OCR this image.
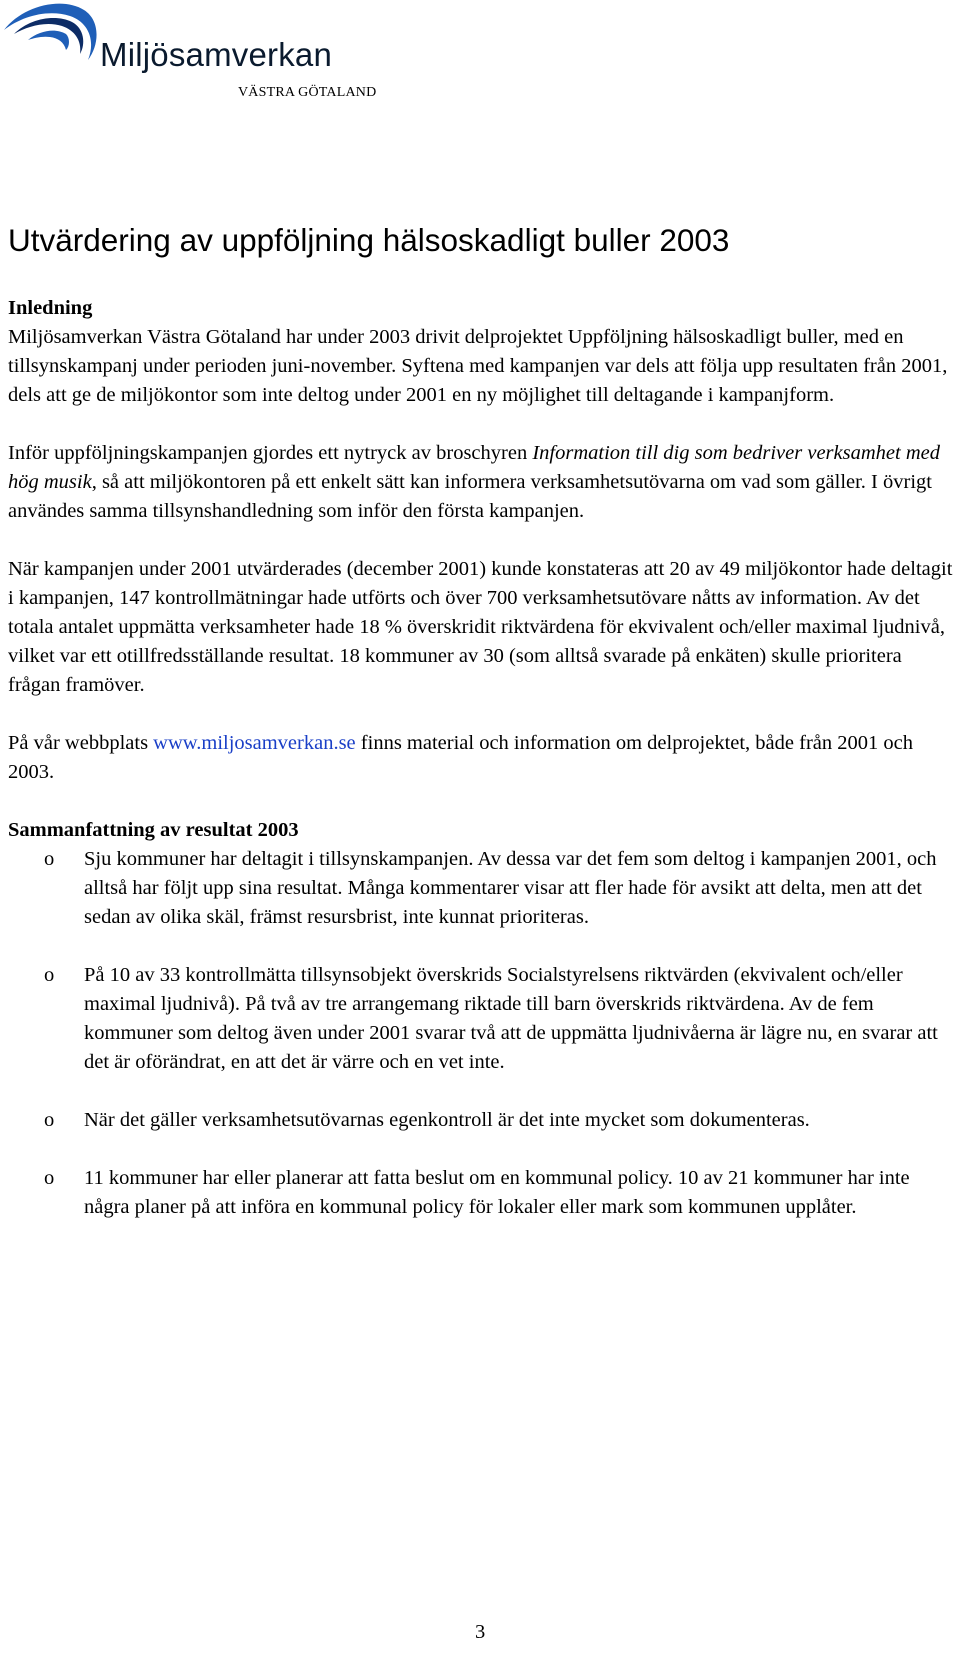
Miljösamverkan
VÄSTRA GÖTALAND
Utvärdering av uppföljning hälsoskadligt buller 2003
Inledning

Miljösamverkan Västra Götaland har under 2003 drivit delprojektet Uppföljning hälsoskadligt buller, med en tillsynskampanj under perioden juni-november. Syftena med kampanjen var dels att följa upp resultaten från 2001, dels att ge de miljökontor som inte deltog under 2001 en ny möjlighet till deltagande i kampanjform.

Inför uppföljningskampanjen gjordes ett nytryck av broschyren Information till dig som bedriver verksamhet med hög musik, så att miljökontoren på ett enkelt sätt kan informera verksamhetsutövarna om vad som gäller. I övrigt användes samma tillsynshandledning som inför den första kampanjen.

När kampanjen under 2001 utvärderades (december 2001) kunde konstateras att 20 av 49 miljökontor hade deltagit i kampanjen, 147 kontrollmätningar hade utförts och över 700 verksamhetsutövare nåtts av information. Av det totala antalet uppmätta verksamheter hade 18 % överskridit riktvärdena för ekvivalent och/eller maximal ljudnivå, vilket var ett otillfredsställande resultat. 18 kommuner av 30 (som alltså svarade på enkäten) skulle prioritera frågan framöver.

På vår webbplats www.miljosamverkan.se finns material och information om delprojektet, både från 2001 och 2003.

Sammanfattning av resultat 2003
o Sju kommuner har deltagit i tillsynskampanjen. Av dessa var det fem som deltog i kampanjen 2001, och alltså har följt upp sina resultat. Många kommentarer visar att fler hade för avsikt att delta, men att det sedan av olika skäl, främst resursbrist, inte kunnat prioriteras.
o På 10 av 33 kontrollmätta tillsynsobjekt överskrids Socialstyrelsens riktvärden (ekvivalent och/eller maximal ljudnivå). På två av tre arrangemang riktade till barn överskrids riktvärdena. Av de fem kommuner som deltog även under 2001 svarar två att de uppmätta ljudnivåerna är lägre nu, en svarar att det är oförändrat, en att det är värre och en vet inte.
o När det gäller verksamhetsutövarnas egenkontroll är det inte mycket som dokumenteras.
o 11 kommuner har eller planerar att fatta beslut om en kommunal policy. 10 av 21 kommuner har inte några planer på att införa en kommunal policy för lokaler eller mark som kommunen upplåter.
3
